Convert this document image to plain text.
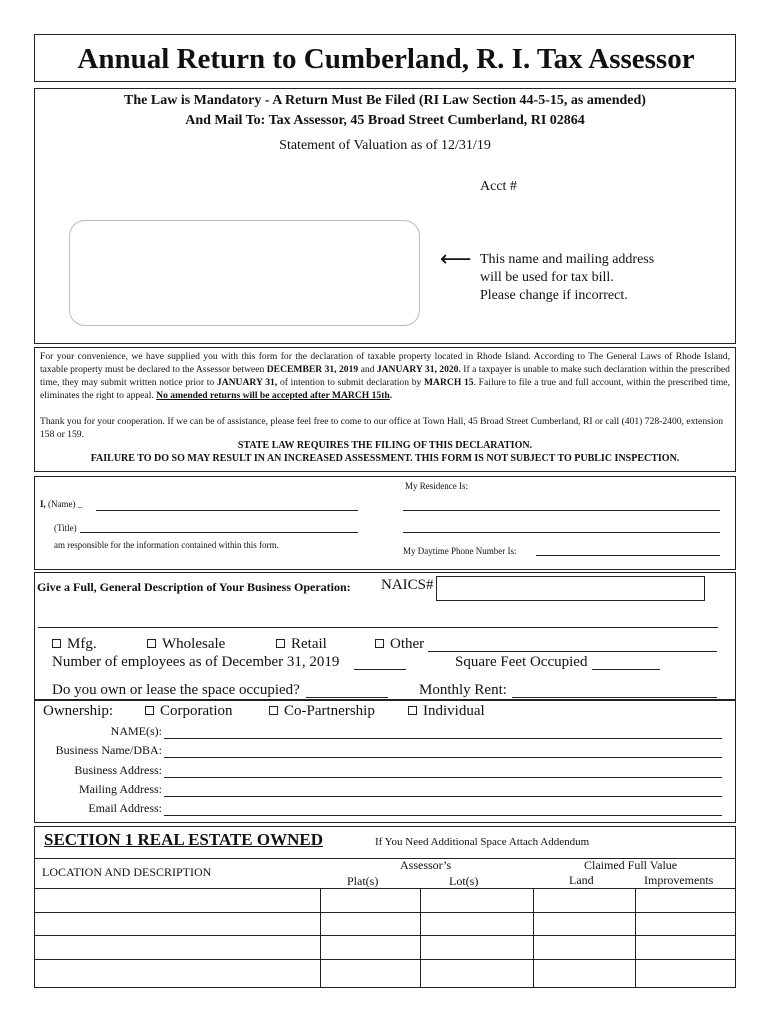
Annual Return to Cumberland, R. I. Tax Assessor
The Law is Mandatory - A Return Must Be Filed (RI Law Section 44-5-15, as amended)
And Mail To: Tax Assessor, 45 Broad Street Cumberland, RI 02864
Statement of Valuation as of 12/31/19
Acct #
⟵ This name and mailing address
will be used for tax bill.
Please change if incorrect.
For your convenience, we have supplied you with this form for the declaration of taxable property located in Rhode Island. According to The General Laws of Rhode Island, taxable property must be declared to the Assessor between DECEMBER 31, 2019 and JANUARY 31, 2020. If a taxpayer is unable to make such declaration within the prescribed time, they may submit written notice prior to JANUARY 31, of intention to submit declaration by MARCH 15. Failure to file a true and full account, within the prescribed time, eliminates the right to appeal. No amended returns will be accepted after MARCH 15th.
Thank you for your cooperation. If we can be of assistance, please feel free to come to our office at Town Hall, 45 Broad Street Cumberland, RI or call (401) 728-2400, extension 158 or 159.
STATE LAW REQUIRES THE FILING OF THIS DECLARATION.
FAILURE TO DO SO MAY RESULT IN AN INCREASED ASSESSMENT. THIS FORM IS NOT SUBJECT TO PUBLIC INSPECTION.
My Residence Is:
I, (Name) _
(Title)
am responsible for the information contained within this form.
My Daytime Phone Number Is:
Give a Full, General Description of Your Business Operation: NAICS#
Mfg.	Wholesale	Retail	Other
Number of employees as of December 31, 2019	Square Feet Occupied
Do you own or lease the space occupied?	Monthly Rent:
Ownership:	Corporation	Co-Partnership	Individual
NAME(s):
Business Name/DBA:
Business Address:
Mailing Address:
Email Address:
SECTION 1 REAL ESTATE OWNED	If You Need Additional Space Attach Addendum
LOCATION AND DESCRIPTION	Assessor’s
Plat(s)	Lot(s)
Claimed Full Value
Land	Improvements
